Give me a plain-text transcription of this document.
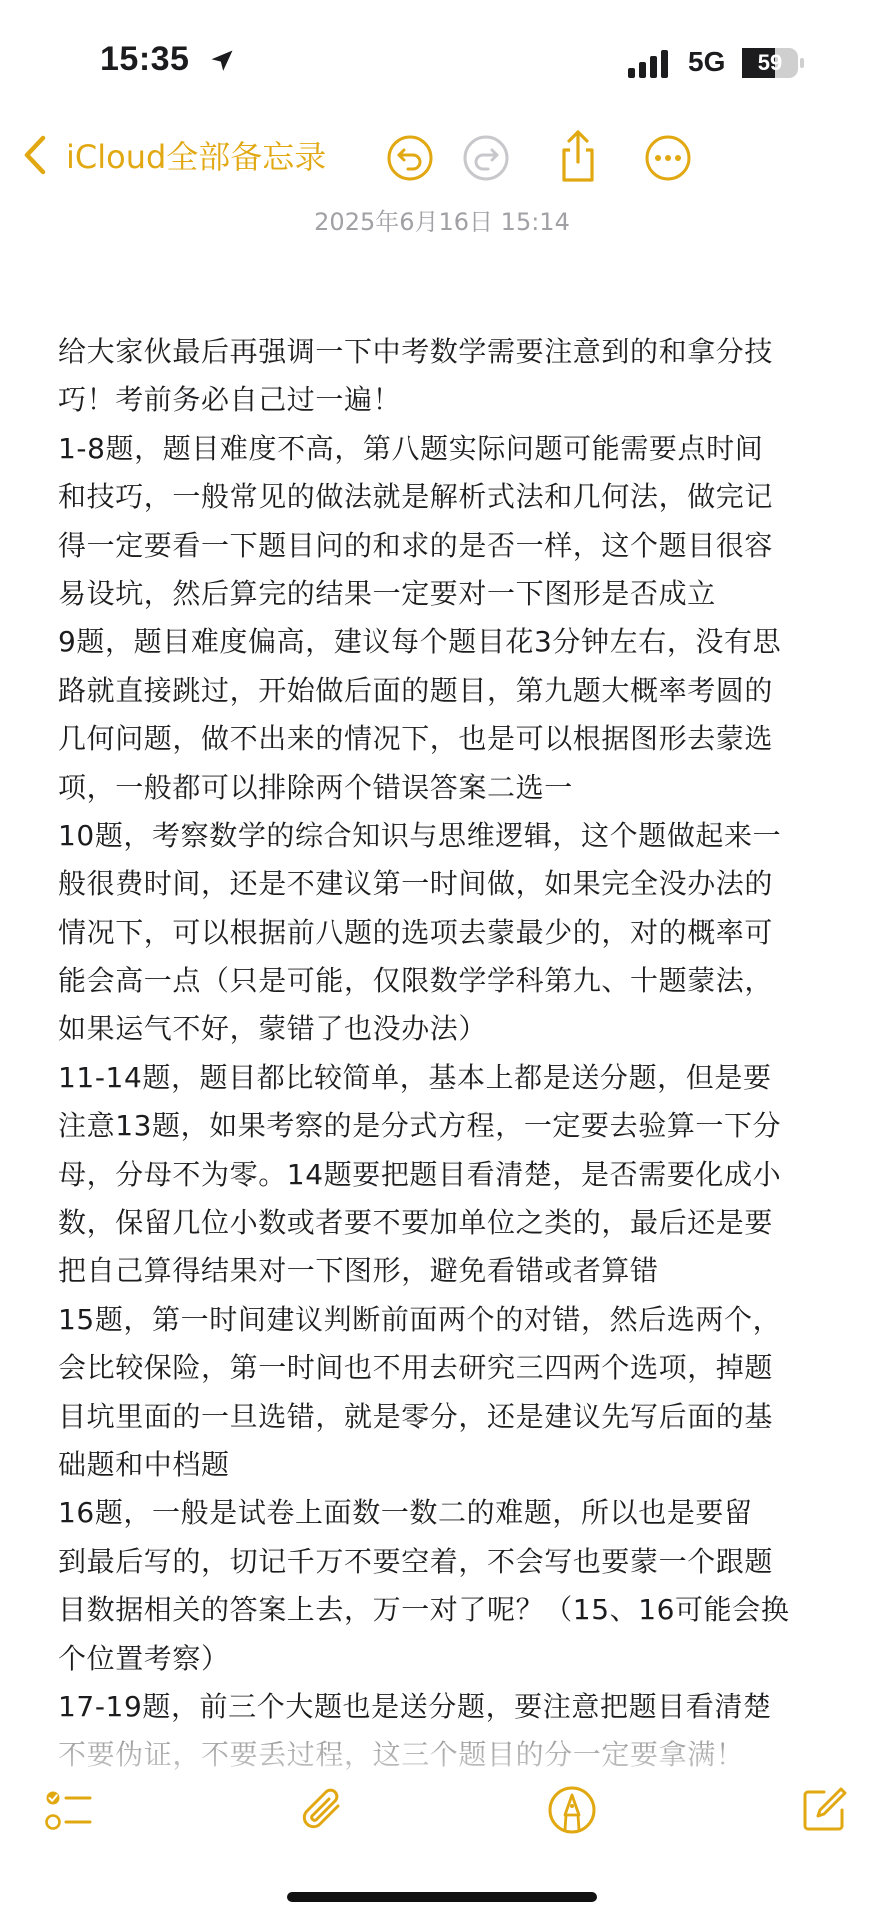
15:35	5G	59
iCloud全部备忘录
2025年6月16日 15:14
给大家伙最后再强调一下中考数学需要注意到的和拿分技
巧！考前务必自己过一遍！
1-8题，题目难度不高，第八题实际问题可能需要点时间
和技巧，一般常见的做法就是解析式法和几何法，做完记
得一定要看一下题目问的和求的是否一样，这个题目很容
易设坑，然后算完的结果一定要对一下图形是否成立
9题，题目难度偏高，建议每个题目花3分钟左右，没有思
路就直接跳过，开始做后面的题目，第九题大概率考圆的
几何问题，做不出来的情况下，也是可以根据图形去蒙选
项，一般都可以排除两个错误答案二选一
10题，考察数学的综合知识与思维逻辑，这个题做起来一
般很费时间，还是不建议第一时间做，如果完全没办法的
情况下，可以根据前八题的选项去蒙最少的，对的概率可
能会高一点（只是可能，仅限数学学科第九、十题蒙法，
如果运气不好，蒙错了也没办法）
11-14题，题目都比较简单，基本上都是送分题，但是要
注意13题，如果考察的是分式方程，一定要去验算一下分
母，分母不为零。14题要把题目看清楚，是否需要化成小
数，保留几位小数或者要不要加单位之类的，最后还是要
把自己算得结果对一下图形，避免看错或者算错
15题，第一时间建议判断前面两个的对错，然后选两个，
会比较保险，第一时间也不用去研究三四两个选项，掉题
目坑里面的一旦选错，就是零分，还是建议先写后面的基
础题和中档题
16题，一般是试卷上面数一数二的难题，所以也是要留
到最后写的，切记千万不要空着，不会写也要蒙一个跟题
目数据相关的答案上去，万一对了呢？（15、16可能会换
个位置考察）
17-19题，前三个大题也是送分题，要注意把题目看清楚
